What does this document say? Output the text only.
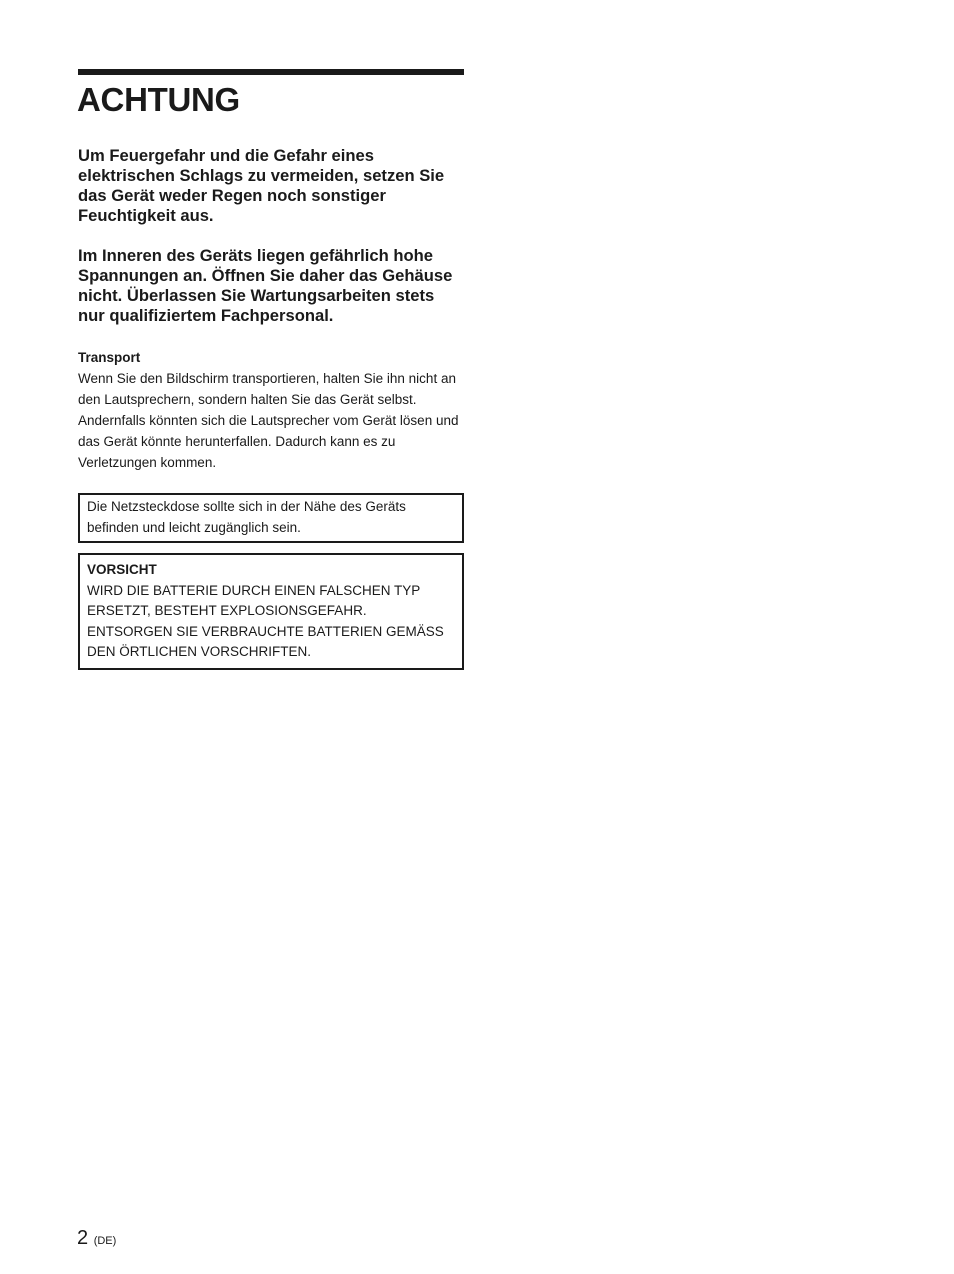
ACHTUNG

Um Feuergefahr und die Gefahr eines elektrischen Schlags zu vermeiden, setzen Sie das Gerät weder Regen noch sonstiger Feuchtigkeit aus.

Im Inneren des Geräts liegen gefährlich hohe Spannungen an. Öffnen Sie daher das Gehäuse nicht. Überlassen Sie Wartungsarbeiten stets nur qualifiziertem Fachpersonal.

Transport

Wenn Sie den Bildschirm transportieren, halten Sie ihn nicht an den Lautsprechern, sondern halten Sie das Gerät selbst. Andernfalls könnten sich die Lautsprecher vom Gerät lösen und das Gerät könnte herunterfallen. Dadurch kann es zu Verletzungen kommen.

Die Netzsteckdose sollte sich in der Nähe des Geräts befinden und leicht zugänglich sein.

VORSICHT

WIRD DIE BATTERIE DURCH EINEN FALSCHEN TYP ERSETZT, BESTEHT EXPLOSIONSGEFAHR. ENTSORGEN SIE VERBRAUCHTE BATTERIEN GEMÄSS DEN ÖRTLICHEN VORSCHRIFTEN.

2 (DE)
